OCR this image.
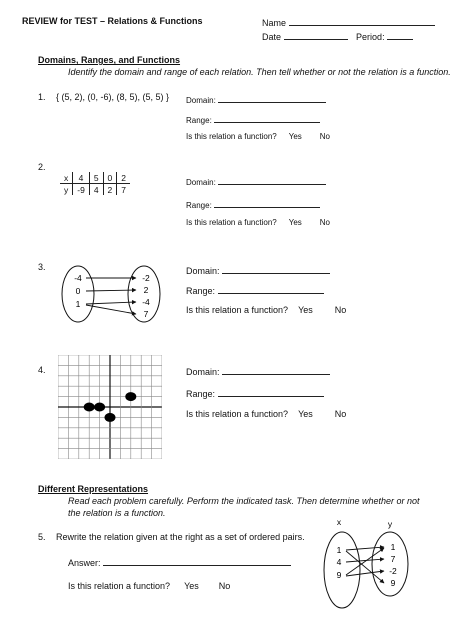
REVIEW for TEST – Relations & Functions	Name
Date	Period:
Domains, Ranges, and Functions
Identify the domain and range of each relation. Then tell whether or not the relation is a function.
1. { (5, 2), (0, -6), (8, 5), (5, 5) } Domain:
Range:
Is this relation a function? Yes No
2.
x	4	5	0	2
y	-9	4	2	7
Domain:
Range:
Is this relation a function? Yes No
3.
-4
0
1
-2
2
-4
7
Domain:
Range:
Is this relation a function? Yes No
4.	Domain:
Range:
Is this relation a function? Yes No
Different Representations
Read each problem carefully. Perform the indicated task. Then determine whether or not
the relation is a function.
5. Rewrite the relation given at the right as a set of ordered pairs.
Answer:
Is this relation a function? Yes No
x	y
1
4
9
1
7
-2
9
